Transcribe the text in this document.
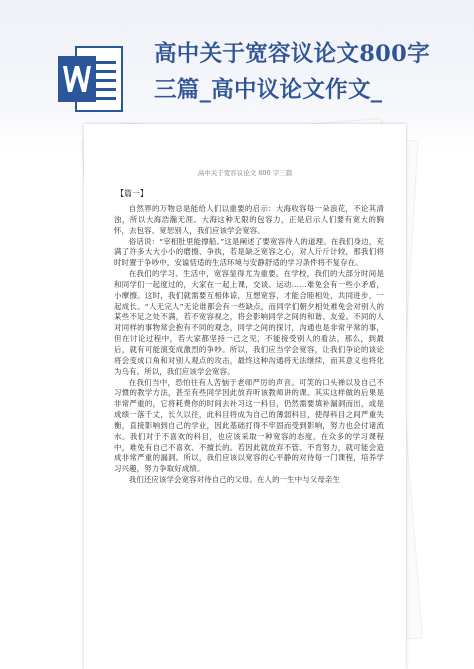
高中关于宽容议论文800字
三篇_高中议论文作文_
高中关于宽容议论文 800 字三篇
【篇一】

自然界的万物总是能给人们以重要的启示：大海收容每一朵浪花，不论其清浊，所以大海浩瀚无涯。大海这种无限的包容力，正是启示人们要有宽大的胸怀，去包容、宽恕别人，我们应该学会宽容。

俗话说：“宰相肚里能撑船。”这是阐述了要宽容待人的道理。在我们身边，充满了许多大大小小的磨擦、争执，若是缺乏宽容之心，对人斤斤计较，那我们将时时置于争吵中，安谧恬适的生活环境与安静舒适的学习条件将不复存在。

在我们的学习、生活中，宽容显得尤为重要。在学校，我们的大部分时间是和同学们一起度过的，大家在一起上课，交谈、运动……难免会有一些小矛盾，小摩擦。这时，我们就需要互相体谅，互想宽容，才能合睦相处，共同进步，一起成长。“人无完人”无论谁都会有一些缺点，而同学们朝夕相处难免会对别人的某些不足之处不满，若不宽容视之，将会影响同学之间的和谐、友爱。不同的人对同样的事物常会抱有不同的观念，同学之间的探讨，沟通也是非常平常的事，但在讨论过程中，若大家都坚持一己之见，不能接受别人的看法，那么，到最后，就有可能演变成激烈的争吵。所以，我们应当学会宽容，让我们争论的谈论将会变成口角和对别人观点的攻击，最终这种沟通将无法继续，而其意义也将化为乌有。所以，我们应该学会宽容。

在我们当中，恐怕往有人苦恼于老师严厉的声音。可笑的口头禅以及自己不习惯的教学方法，甚至有些同学因此放弃听该教师讲的课。其实这样做的后果是非常严重的，它将耗费你的时间去补习这一科目，仍然需要填补漏洞而出，或是成绩一落千丈，长久以往，此科目将成为自己的薄弱科目，使得科目之间严重失衡，直接影响到自己的学业，因此基础打得不牢固而受到影响，努力也会付诸流水。我们对于不喜欢的科目，也应该采取一种宽容的态度。在众多的学习课程中，难免有自己不喜欢、不擅长的。若因此就放弃不管、不肯努力，就可能会造成非常严重的漏洞。所以，我们应该以宽容的心平静的对待每一门课程，培养学习兴趣，努力争取好成绩。

我们还应该学会宽容对待自己的父母。在人的一生中与父母亲生
